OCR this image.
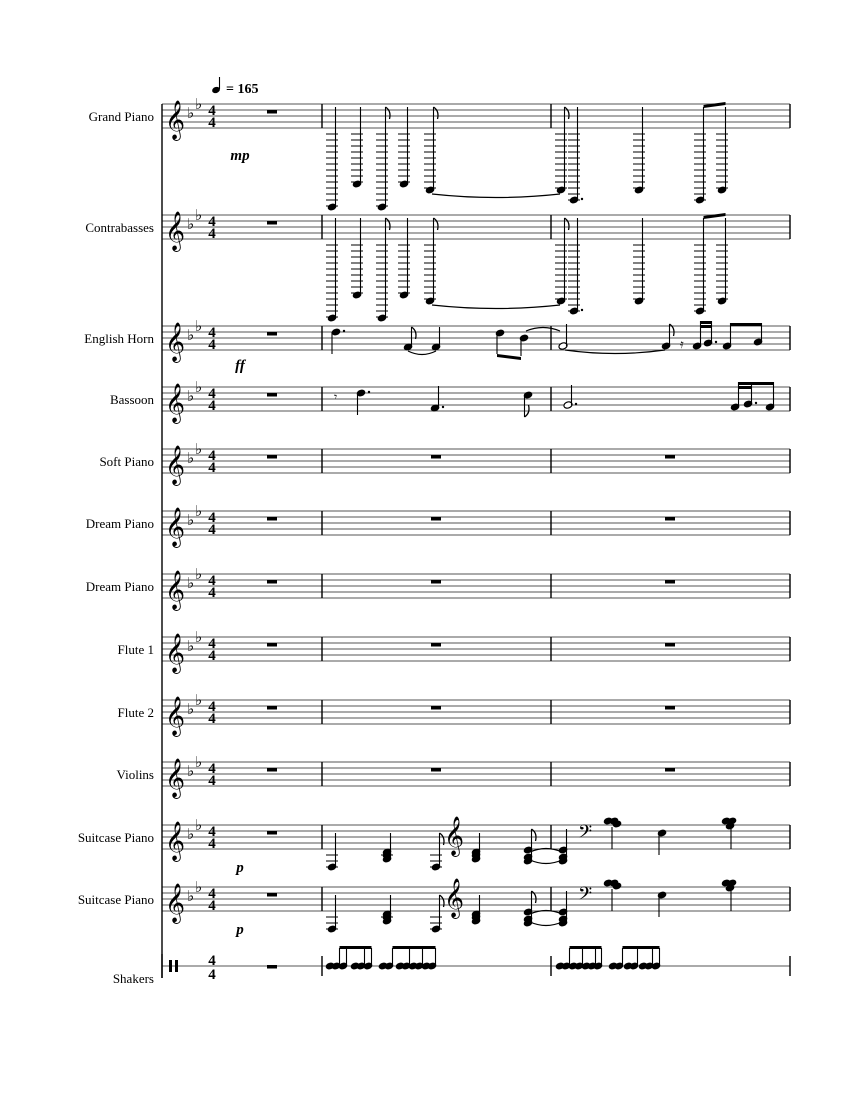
= 165
Grand Piano 𝄞 ♭ ♭ 4
4
mp
Contrabasses 𝄞 ♭ ♭ 4
4
English Horn 𝄞 ♭ ♭ 4
4
ff
𝄿
Bassoon 𝄞 ♭ ♭ 4
4
𝄾
Soft Piano 𝄞 ♭ ♭ 4
4
Dream Piano 𝄞 ♭ ♭ 4
4
Dream Piano 𝄞 ♭ ♭ 4
4
Flute 1 𝄞 ♭ ♭ 4
4
Flute 2 𝄞 ♭ ♭ 4
4
Violins 𝄞 ♭ ♭ 4
4
Suitcase Piano 𝄞 ♭ ♭ 4
4
p
𝄞	𝄢
Suitcase Piano 𝄞 ♭ ♭ 4
4
p
𝄞	𝄢
Shakers
4
4
